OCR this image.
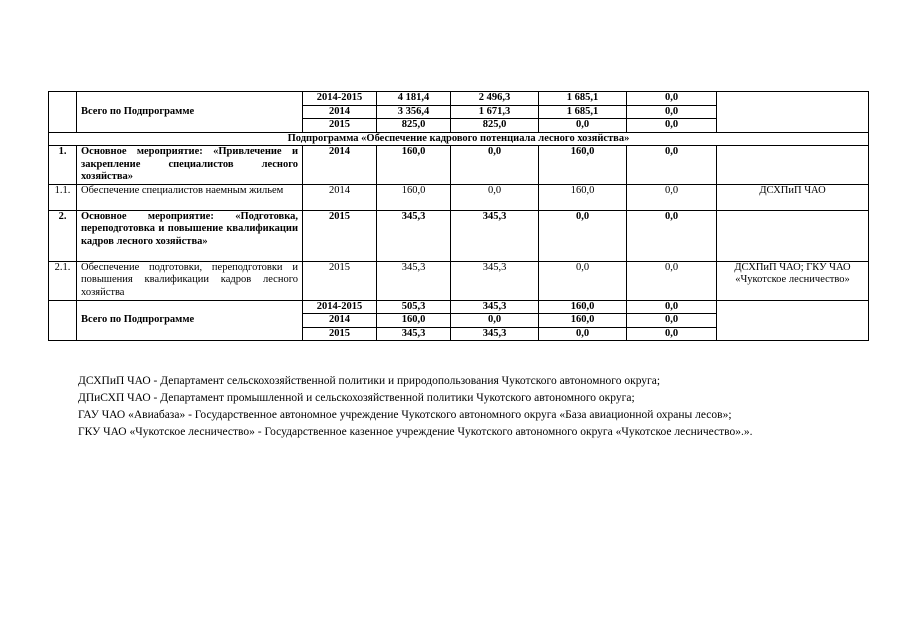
	Всего по Подпрограмме	2014-2015	4 181,4	2 496,3	1 685,1	0,0	
		2014	3 356,4	1 671,3	1 685,1	0,0	
		2015	825,0	825,0	0,0	0,0	
Подпрограмма «Обеспечение кадрового потенциала лесного хозяйства»							
1.	Основное мероприятие: «Привлечение и закрепление специалистов лесного хозяйства»	2014	160,0	0,0	160,0	0,0	
1.1.	Обеспечение специалистов наемным жильем	2014	160,0	0,0	160,0	0,0	ДСХПиП ЧАО
2.	Основное мероприятие: «Подготовка, переподготовка и повышение квалификации кадров лесного хозяйства»	2015	345,3	345,3	0,0	0,0	
2.1.	Обеспечение подготовки, переподготовки и повышения квалификации кадров лесного хозяйства	2015	345,3	345,3	0,0	0,0	ДСХПиП ЧАО; ГКУ ЧАО «Чукотское лесничество»
	Всего по Подпрограмме	2014-2015	505,3	345,3	160,0	0,0	
		2014	160,0	0,0	160,0	0,0	
		2015	345,3	345,3	0,0	0,0	
ДСХПиП ЧАО - Департамент сельскохозяйственной политики и природопользования Чукотского автономного округа;
ДПиСХП ЧАО - Департамент промышленной и сельскохозяйственной политики Чукотского автономного округа;
ГАУ ЧАО «Авиабаза» - Государственное автономное учреждение Чукотского автономного округа «База авиационной охраны лесов»;
ГКУ ЧАО «Чукотское лесничество» - Государственное казенное учреждение Чукотского автономного округа «Чукотское лесничество».».
